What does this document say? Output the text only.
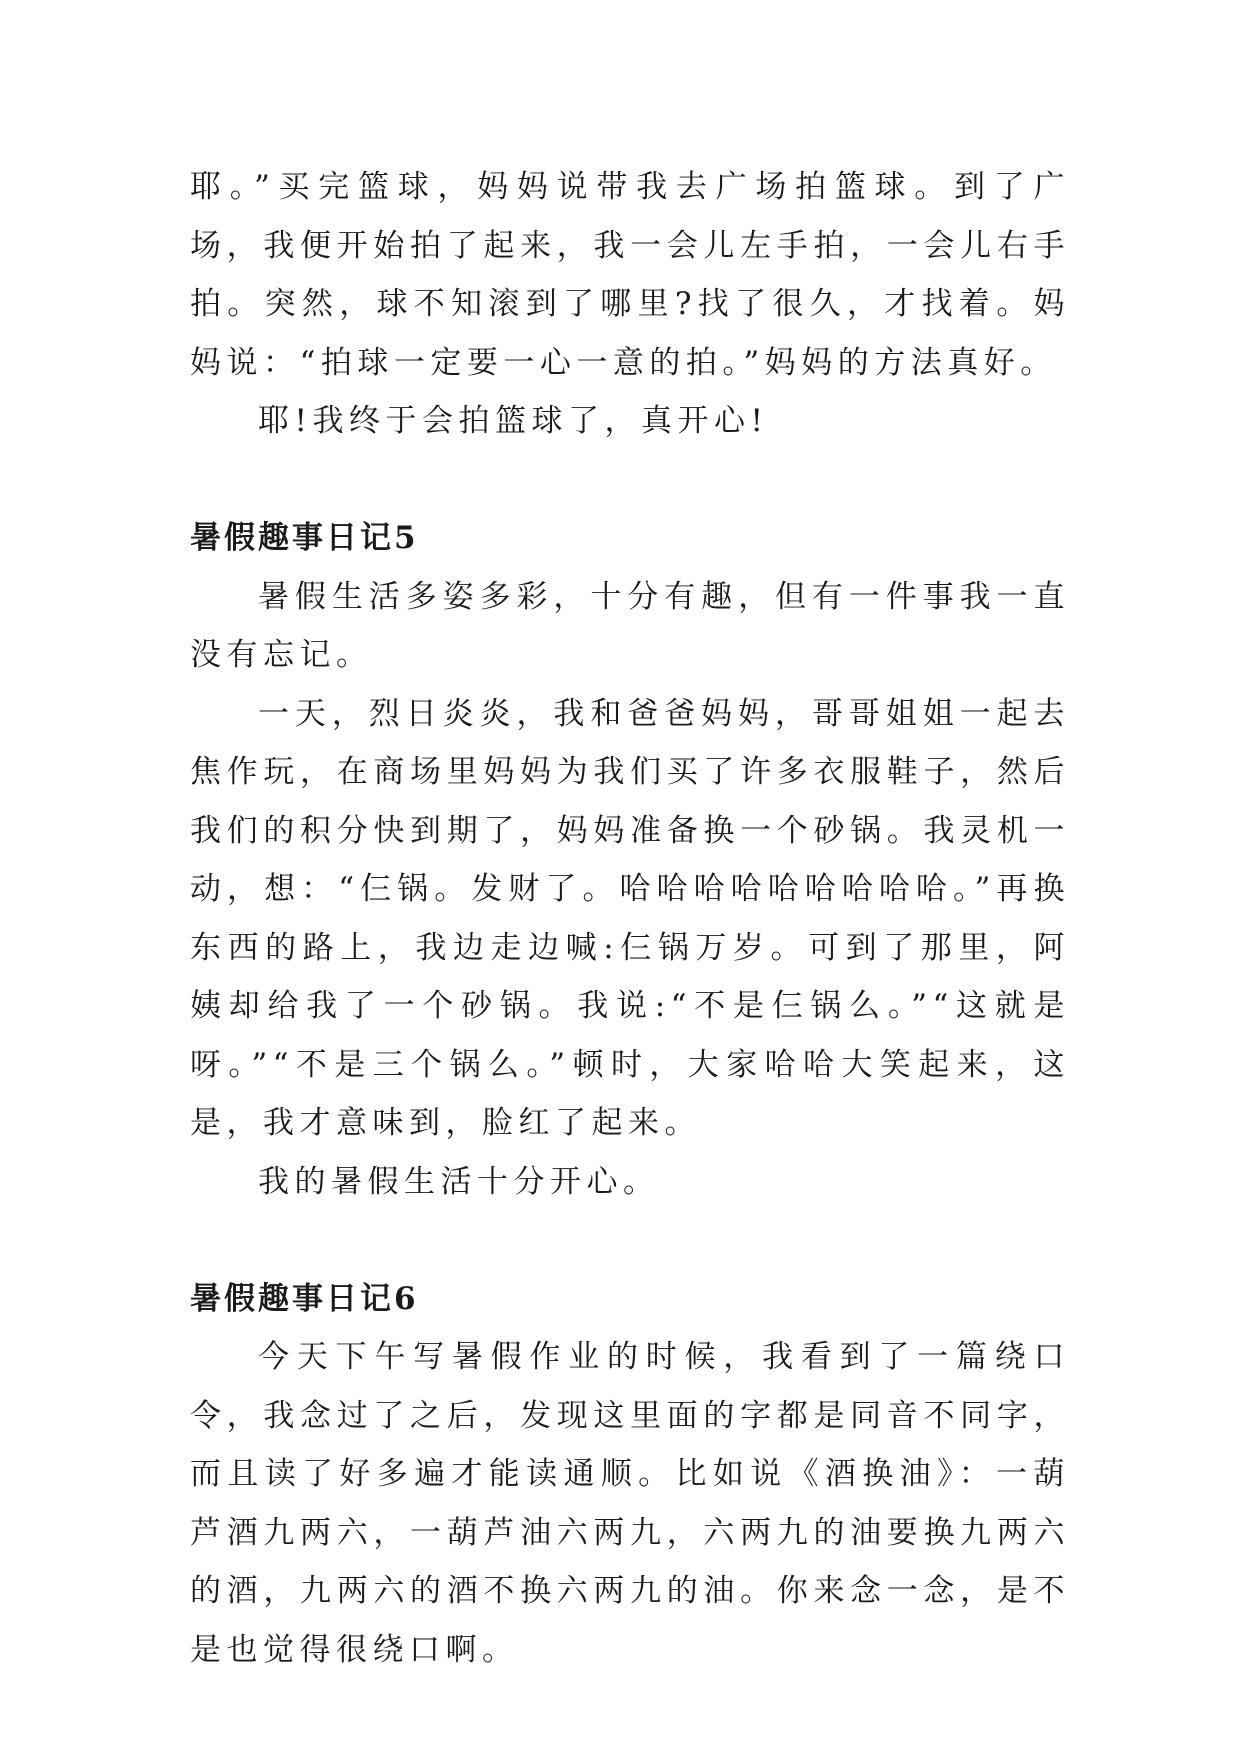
耶。”买完篮球，妈妈说带我去广场拍篮球。到了广场，我便开始拍了起来，我一会儿左手拍，一会儿右手拍。突然，球不知滚到了哪里?找了很久，才找着。妈妈说：“拍球一定要一心一意的拍。”妈妈的方法真好。

耶!我终于会拍篮球了，真开心!

暑假趣事日记5

暑假生活多姿多彩，十分有趣，但有一件事我一直没有忘记。

一天，烈日炎炎，我和爸爸妈妈，哥哥姐姐一起去焦作玩，在商场里妈妈为我们买了许多衣服鞋子，然后我们的积分快到期了，妈妈准备换一个砂锅。我灵机一动，想：“仨锅。发财了。哈哈哈哈哈哈哈哈哈。”再换东西的路上，我边走边喊:仨锅万岁。可到了那里，阿姨却给我了一个砂锅。我说:“不是仨锅么。”“这就是呀。”“不是三个锅么。”顿时，大家哈哈大笑起来，这是，我才意味到，脸红了起来。

我的暑假生活十分开心。

暑假趣事日记6

今天下午写暑假作业的时候，我看到了一篇绕口令，我念过了之后，发现这里面的字都是同音不同字，而且读了好多遍才能读通顺。比如说《酒换油》：一葫芦酒九两六，一葫芦油六两九，六两九的油要换九两六的酒，九两六的酒不换六两九的油。你来念一念，是不是也觉得很绕口啊。
